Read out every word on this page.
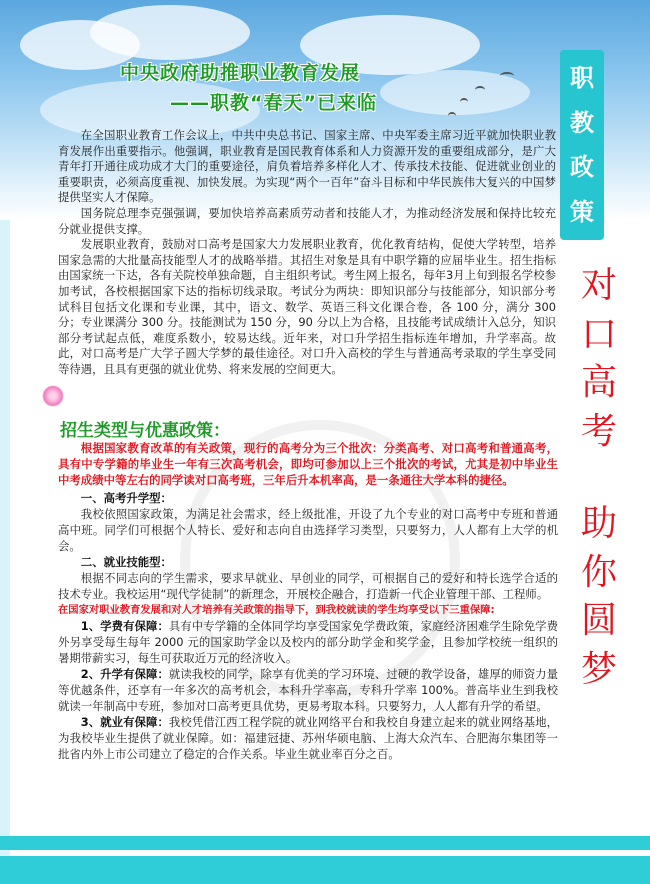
中央政府助推职业教育发展
——职教“春天”已来临
职
教
政
策
对
口
高
考
助
你
圆
梦

在全国职业教育工作会议上，中共中央总书记、国家主席、中央军委主席习近平就加快职业教育发展作出重要指示。他强调，职业教育是国民教育体系和人力资源开发的重要组成部分，是广大青年打开通往成功成才大门的重要途径，肩负着培养多样化人才、传承技术技能、促进就业创业的重要职责，必须高度重视、加快发展。为实现“两个一百年”奋斗目标和中华民族伟大复兴的中国梦提供坚实人才保障。

国务院总理李克强强调，要加快培养高素质劳动者和技能人才，为推动经济发展和保持比较充分就业提供支撑。

发展职业教育，鼓励对口高考是国家大力发展职业教育，优化教育结构，促使大学转型，培养国家急需的大批量高技能型人才的战略举措。其招生对象是具有中职学籍的应届毕业生。招生指标由国家统一下达，各有关院校单独命题，自主组织考试。考生网上报名，每年3月上旬到报名学校参加考试，各校根据国家下达的指标切线录取。考试分为两块：即知识部分与技能部分，知识部分考试科目包括文化课和专业课，其中，语文、数学、英语三科文化课合卷，各 100 分，满分 300 分；专业课满分 300 分。技能测试为 150 分，90 分以上为合格，且技能考试成绩计入总分，知识部分考试起点低，难度系数小，较易达线。近年来，对口升学招生指标连年增加，升学率高。故此，对口高考是广大学子圆大学梦的最佳途径。对口升入高校的学生与普通高考录取的学生享受同等待遇，且具有更强的就业优势、将来发展的空间更大。

招生类型与优惠政策：

根据国家教育改革的有关政策，现行的高考分为三个批次：分类高考、对口高考和普通高考，具有中专学籍的毕业生一年有三次高考机会，即均可参加以上三个批次的考试，尤其是初中毕业生中考成绩中等左右的同学读对口高考班，三年后升本机率高，是一条通往大学本科的捷径。

一、高考升学型：

我校依照国家政策，为满足社会需求，经上级批准，开设了九个专业的对口高考中专班和普通高中班。同学们可根据个人特长、爱好和志向自由选择学习类型，只要努力，人人都有上大学的机会。

二、就业技能型：

根据不同志向的学生需求，要求早就业、早创业的同学，可根据自己的爱好和特长选学合适的技术专业。我校运用“现代学徒制”的新理念，开展校企融合，打造新一代企业管理干部、工程师。

在国家对职业教育发展和对人才培养有关政策的指导下，到我校就读的学生均享受以下三重保障:

1、学费有保障：具有中专学籍的全体同学均享受国家免学费政策，家庭经济困难学生除免学费外另享受每生每年 2000 元的国家助学金以及校内的部分助学金和奖学金，且参加学校统一组织的暑期带薪实习，每生可获取近万元的经济收入。

2、升学有保障：就读我校的同学，除享有优美的学习环境、过硬的教学设备，雄厚的师资力量等优越条件，还享有一年多次的高考机会，本科升学率高，专科升学率 100%。普高毕业生到我校就读一年制高中专班，参加对口高考更具优势，更易考取本科。只要努力，人人都有升学的希望。

3、就业有保障：我校凭借江西工程学院的就业网络平台和我校自身建立起来的就业网络基地，为我校毕业生提供了就业保障。如：福建冠捷、苏州华硕电脑、上海大众汽车、合肥海尔集团等一批省内外上市公司建立了稳定的合作关系。毕业生就业率百分之百。
